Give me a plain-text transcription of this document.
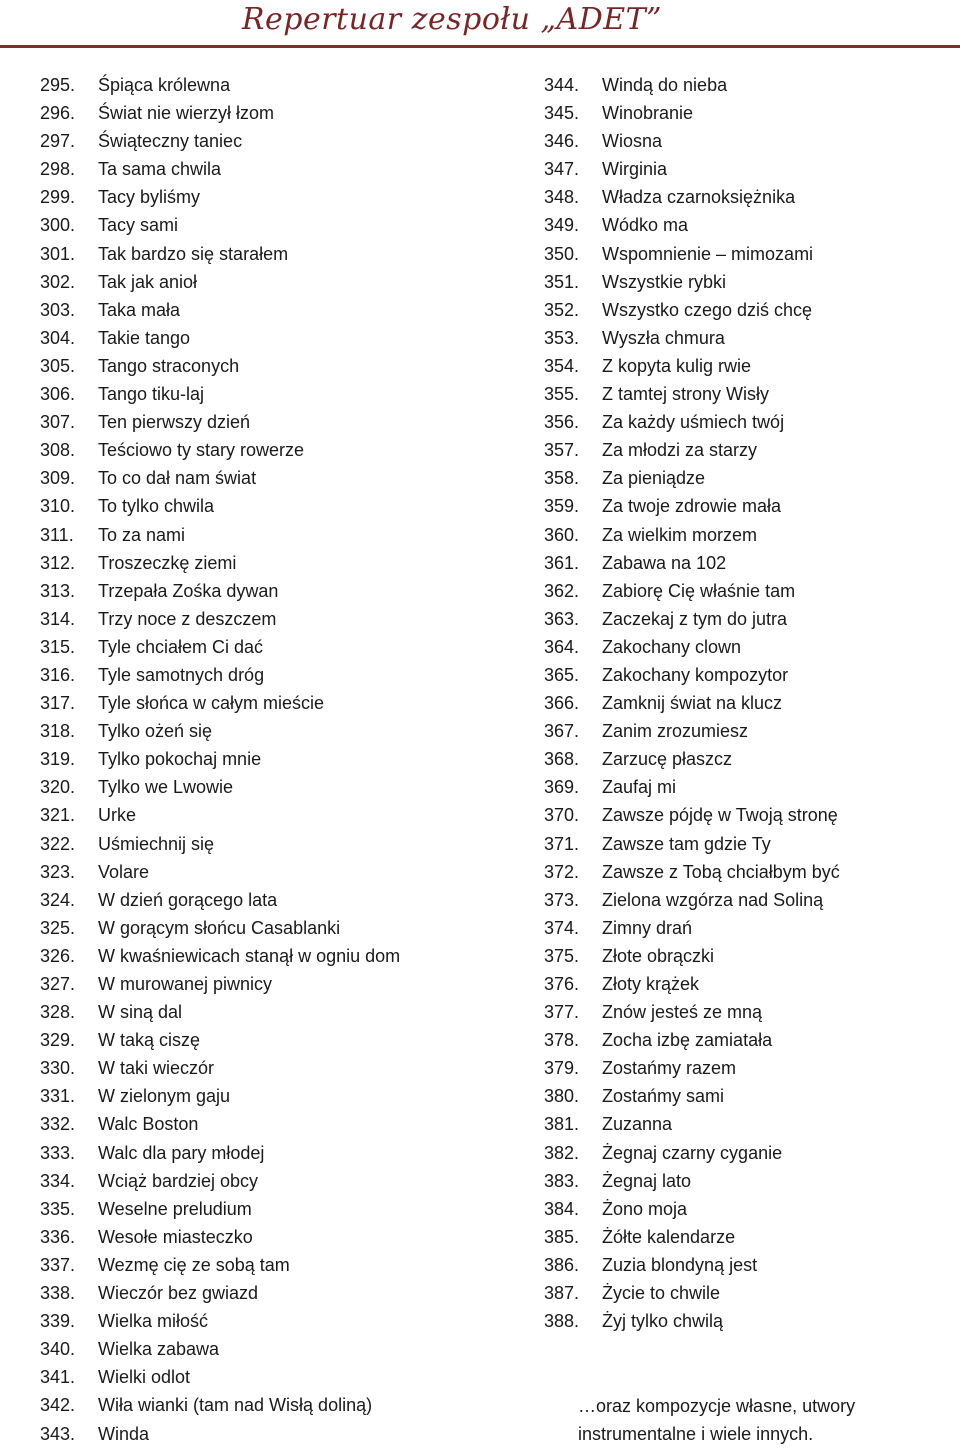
Repertuar zespołu „ADET”
295. Śpiąca królewna
296. Świat nie wierzył łzom
297. Świąteczny taniec
298. Ta sama chwila
299. Tacy byliśmy
300. Tacy sami
301. Tak bardzo się starałem
302. Tak jak anioł
303. Taka mała
304. Takie tango
305. Tango straconych
306. Tango tiku-laj
307. Ten pierwszy dzień
308. Teściowo ty stary rowerze
309. To co dał nam świat
310. To tylko chwila
311. To za nami
312. Troszeczkę ziemi
313. Trzepała Zośka dywan
314. Trzy noce z deszczem
315. Tyle chciałem Ci dać
316. Tyle samotnych dróg
317. Tyle słońca w całym mieście
318. Tylko ożeń się
319. Tylko pokochaj mnie
320. Tylko we Lwowie
321. Urke
322. Uśmiechnij się
323. Volare
324. W dzień gorącego lata
325. W gorącym słońcu Casablanki
326. W kwaśniewicach stanął w ogniu dom
327. W murowanej piwnicy
328. W siną dal
329. W taką ciszę
330. W taki wieczór
331. W zielonym gaju
332. Walc Boston
333. Walc dla pary młodej
334. Wciąż bardziej obcy
335. Weselne preludium
336. Wesołe miasteczko
337. Wezmę cię ze sobą tam
338. Wieczór bez gwiazd
339. Wielka miłość
340. Wielka zabawa
341. Wielki odlot
342. Wiła wianki (tam nad Wisłą doliną)
343. Winda
344. Windą do nieba
345. Winobranie
346. Wiosna
347. Wirginia
348. Władza czarnoksiężnika
349. Wódko ma
350. Wspomnienie – mimozami
351. Wszystkie rybki
352. Wszystko czego dziś chcę
353. Wyszła chmura
354. Z kopyta kulig rwie
355. Z tamtej strony Wisły
356. Za każdy uśmiech twój
357. Za młodzi za starzy
358. Za pieniądze
359. Za twoje zdrowie mała
360. Za wielkim morzem
361. Zabawa na 102
362. Zabiorę Cię właśnie tam
363. Zaczekaj z tym do jutra
364. Zakochany clown
365. Zakochany kompozytor
366. Zamknij świat na klucz
367. Zanim zrozumiesz
368. Zarzucę płaszcz
369. Zaufaj mi
370. Zawsze pójdę w Twoją stronę
371. Zawsze tam gdzie Ty
372. Zawsze z Tobą chciałbym być
373. Zielona wzgórza nad Soliną
374. Zimny drań
375. Złote obrączki
376. Złoty krążek
377. Znów jesteś ze mną
378. Zocha izbę zamiatała
379. Zostańmy razem
380. Zostańmy sami
381. Zuzanna
382. Żegnaj czarny cyganie
383. Żegnaj lato
384. Żono moja
385. Żółte kalendarze
386. Zuzia blondyną jest
387. Życie to chwile
388. Żyj tylko chwilą

…oraz kompozycje własne, utwory
instrumentalne i wiele innych.
